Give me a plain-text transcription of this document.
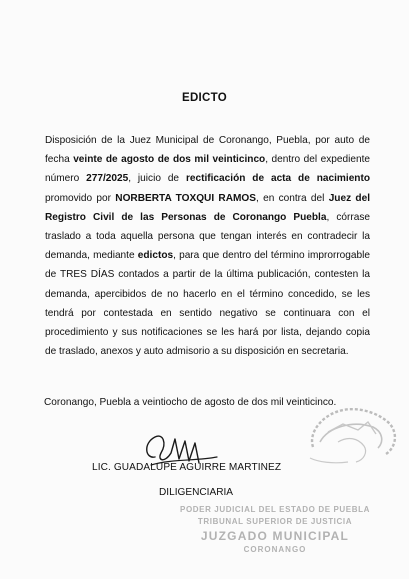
EDICTO
Disposición de la Juez Municipal de Coronango, Puebla, por auto de fecha veinte de agosto de dos mil veinticinco, dentro del expediente número 277/2025, juicio de rectificación de acta de nacimiento promovido por NORBERTA TOXQUI RAMOS, en contra del Juez del Registro Civil de las Personas de Coronango Puebla, córrase traslado a toda aquella persona que tengan interés en contradecir la demanda, mediante edictos, para que dentro del término improrrogable de TRES DÍAS contados a partir de la última publicación, contesten la demanda, apercibidos de no hacerlo en el término concedido, se les tendrá por contestada en sentido negativo se continuara con el procedimiento y sus notificaciones se les hará por lista, dejando copia de traslado, anexos y auto admisorio a su disposición en secretaria.
Coronango, Puebla a veintiocho de agosto de dos mil veinticinco.
LIC. GUADALUPE AGUIRRE MARTINEZ
DILIGENCIARIA
PODER JUDICIAL DEL ESTADO DE PUEBLA
TRIBUNAL SUPERIOR DE JUSTICIA
JUZGADO MUNICIPAL
CORONANGO
